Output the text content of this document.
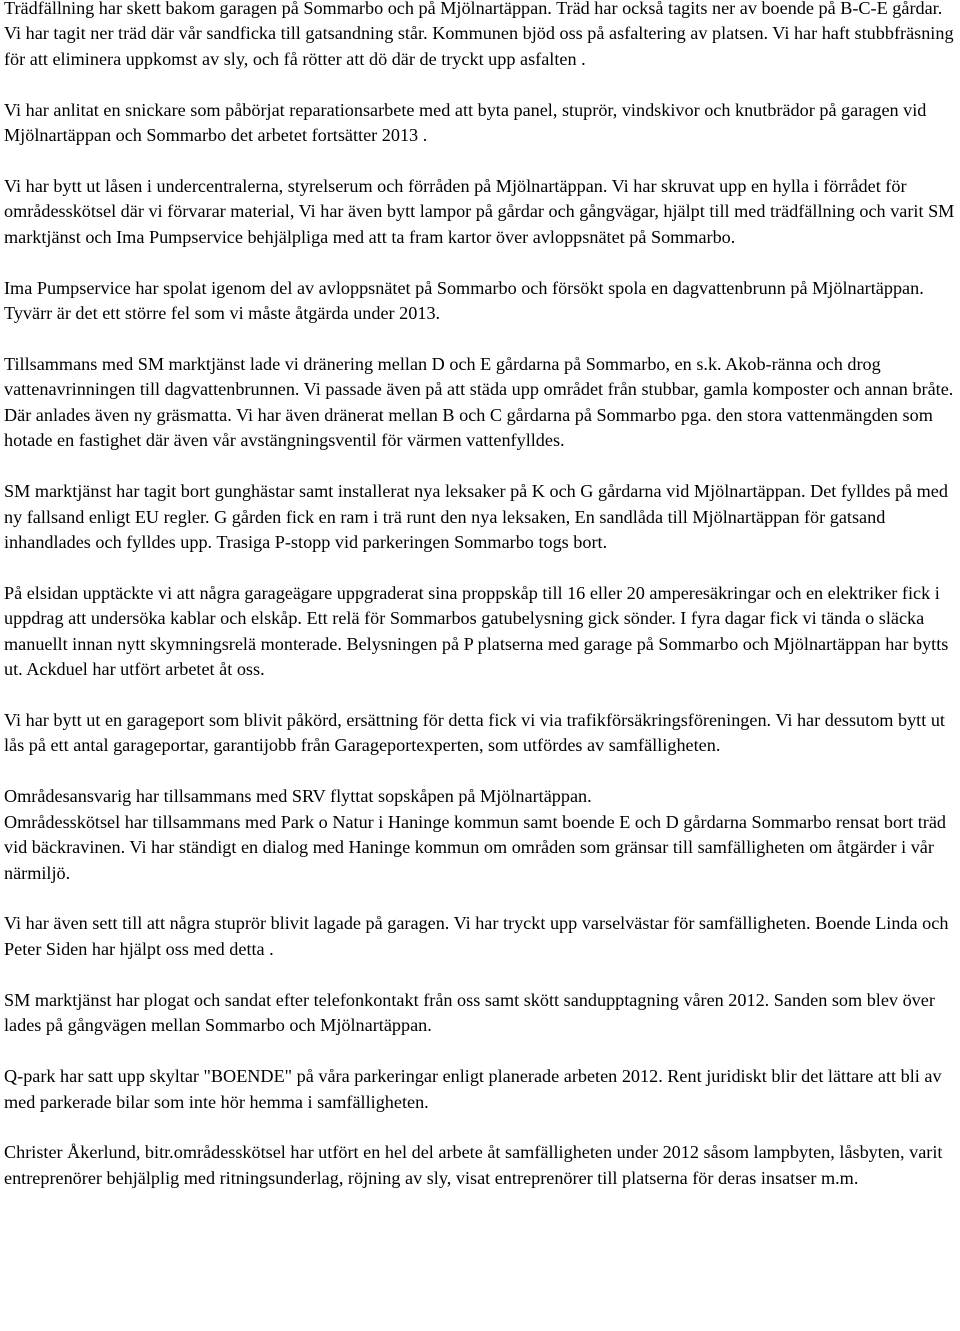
Trädfällning har skett bakom garagen på Sommarbo och på Mjölnartäppan. Träd har också tagits ner av boende på B-C-E gårdar. Vi har tagit ner träd där vår sandficka till gatsandning står. Kommunen bjöd oss på asfaltering av platsen. Vi har haft stubbfräsning för att eliminera uppkomst av sly, och få rötter att dö där de tryckt upp asfalten .

Vi har anlitat en snickare som påbörjat reparationsarbete med att byta panel, stuprör, vindskivor och knutbrädor på garagen vid Mjölnartäppan och Sommarbo det arbetet fortsätter 2013 .

Vi har bytt ut låsen i undercentralerna, styrelserum och förråden på Mjölnartäppan. Vi har skruvat upp en hylla i förrådet för områdesskötsel där vi förvarar material, Vi har även bytt lampor på gårdar och gångvägar, hjälpt till med trädfällning och varit SM marktjänst och Ima Pumpservice behjälpliga med att ta fram kartor över avloppsnätet på Sommarbo.

Ima Pumpservice har spolat igenom del av avloppsnätet på Sommarbo och försökt spola en dagvattenbrunn på Mjölnartäppan. Tyvärr är det ett större fel som vi måste åtgärda under 2013.

Tillsammans med SM marktjänst lade vi dränering mellan D och E gårdarna på Sommarbo, en s.k. Akob-ränna och drog vattenavrinningen till dagvattenbrunnen. Vi passade även på att städa upp området från stubbar, gamla komposter och annan bråte. Där anlades även ny gräsmatta. Vi har även dränerat mellan B och C gårdarna på Sommarbo pga. den stora vattenmängden som hotade en fastighet där även vår avstängningsventil för värmen vattenfylldes.

SM marktjänst har tagit bort gunghästar samt installerat nya leksaker på K och G gårdarna vid Mjölnartäppan. Det fylldes på med ny fallsand enligt EU regler. G gården fick en ram i trä runt den nya leksaken, En sandlåda till Mjölnartäppan för gatsand inhandlades och fylldes upp. Trasiga P-stopp vid parkeringen Sommarbo togs bort.

På elsidan upptäckte vi att några garageägare uppgraderat sina proppskåp till 16 eller 20 amperesäkringar och en elektriker fick i uppdrag att undersöka kablar och elskåp. Ett relä för Sommarbos gatubelysning gick sönder. I fyra dagar fick vi tända o släcka manuellt innan nytt skymningsrelä monterade. Belysningen på P platserna med garage på Sommarbo och Mjölnartäppan har bytts ut. Ackduel har utfört arbetet åt oss.

Vi har bytt ut en garageport som blivit påkörd, ersättning för detta fick vi via trafikförsäkringsföreningen. Vi har dessutom bytt ut lås på ett antal garageportar, garantijobb från Garageportexperten, som utfördes av samfälligheten.

Områdesansvarig har tillsammans med SRV flyttat sopskåpen på Mjölnartäppan.

Områdesskötsel har tillsammans med Park o Natur i Haninge kommun samt boende E och D gårdarna Sommarbo rensat bort träd vid bäckravinen. Vi har ständigt en dialog med Haninge kommun om områden som gränsar till samfälligheten om åtgärder i vår närmiljö.

Vi har även sett till att några stuprör blivit lagade på garagen. Vi har tryckt upp varselvästar för samfälligheten. Boende Linda och Peter Siden har hjälpt oss med detta .

SM marktjänst har plogat och sandat efter telefonkontakt från oss samt skött sandupptagning våren 2012. Sanden som blev över lades på gångvägen mellan Sommarbo och Mjölnartäppan.

Q-park har satt upp skyltar "BOENDE" på våra parkeringar enligt planerade arbeten 2012. Rent juridiskt blir det lättare att bli av med parkerade bilar som inte hör hemma i samfälligheten.

Christer Åkerlund, bitr.områdesskötsel har utfört en hel del arbete åt samfälligheten under 2012 såsom lampbyten, låsbyten, varit entreprenörer behjälplig med ritningsunderlag, röjning av sly, visat entreprenörer till platserna för deras insatser m.m.
